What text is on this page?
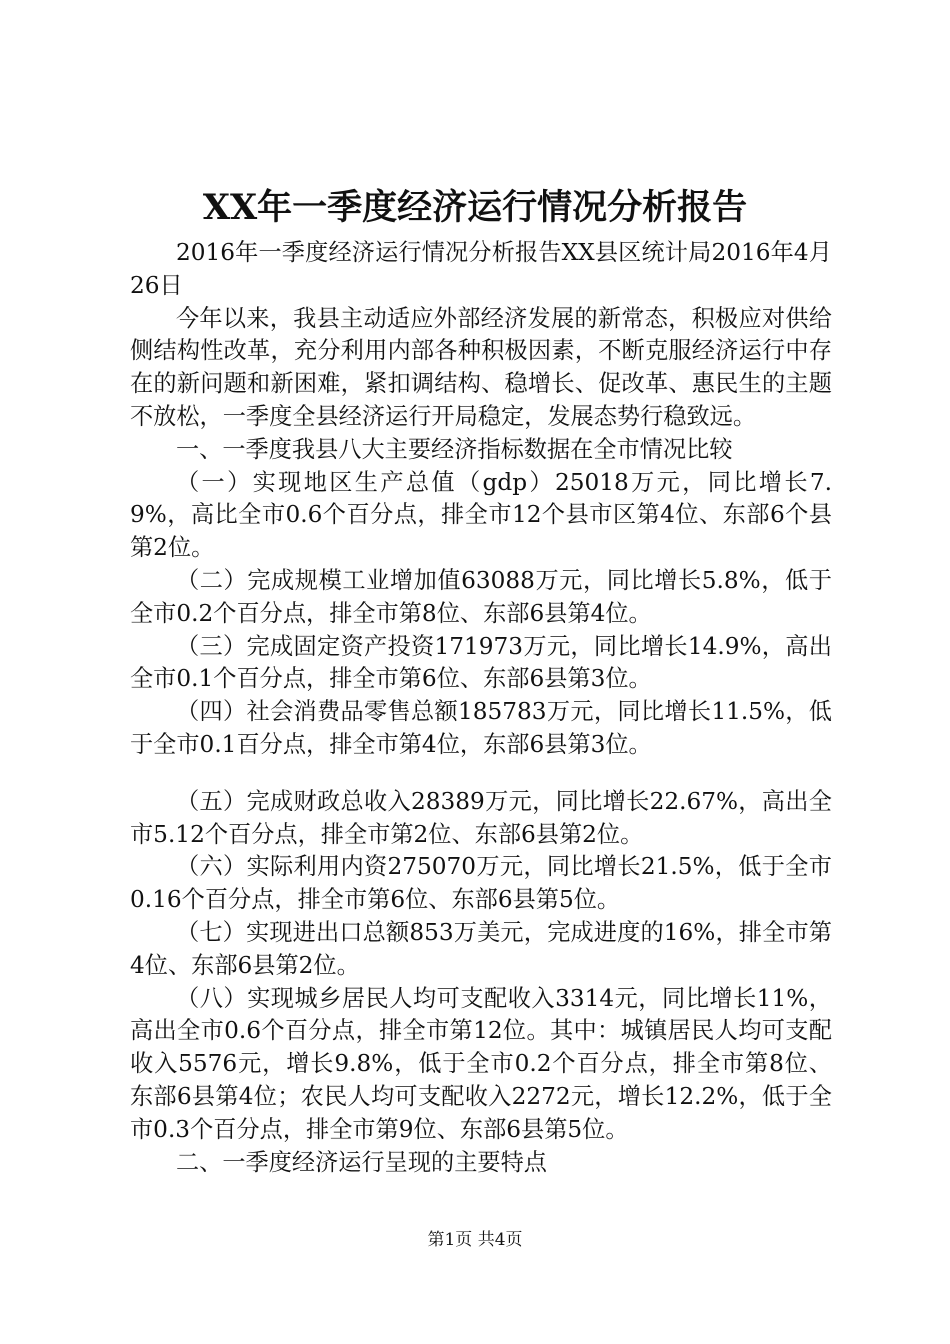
XX年一季度经济运行情况分析报告

2016年一季度经济运行情况分析报告XX县区统计局2016年4月26日

今年以来，我县主动适应外部经济发展的新常态，积极应对供给侧结构性改革，充分利用内部各种积极因素，不断克服经济运行中存在的新问题和新困难，紧扣调结构、稳增长、促改革、惠民生的主题不放松，一季度全县经济运行开局稳定，发展态势行稳致远。

一、一季度我县八大主要经济指标数据在全市情况比较

（一）实现地区生产总值（gdp）25018万元，同比增长7.9%，高比全市0.6个百分点，排全市12个县市区第4位、东部6个县第2位。

（二）完成规模工业增加值63088万元，同比增长5.8%，低于全市0.2个百分点，排全市第8位、东部6县第4位。

（三）完成固定资产投资171973万元，同比增长14.9%，高出全市0.1个百分点，排全市第6位、东部6县第3位。

（四）社会消费品零售总额185783万元，同比增长11.5%，低于全市0.1百分点，排全市第4位，东部6县第3位。

（五）完成财政总收入28389万元，同比增长22.67%，高出全市5.12个百分点，排全市第2位、东部6县第2位。

（六）实际利用内资275070万元，同比增长21.5%，低于全市0.16个百分点，排全市第6位、东部6县第5位。

（七）实现进出口总额853万美元，完成进度的16%，排全市第4位、东部6县第2位。

（八）实现城乡居民人均可支配收入3314元，同比增长11%，高出全市0.6个百分点，排全市第12位。其中：城镇居民人均可支配收入5576元，增长9.8%，低于全市0.2个百分点，排全市第8位、东部6县第4位；农民人均可支配收入2272元，增长12.2%，低于全市0.3个百分点，排全市第9位、东部6县第5位。

二、一季度经济运行呈现的主要特点

第1页 共4页
